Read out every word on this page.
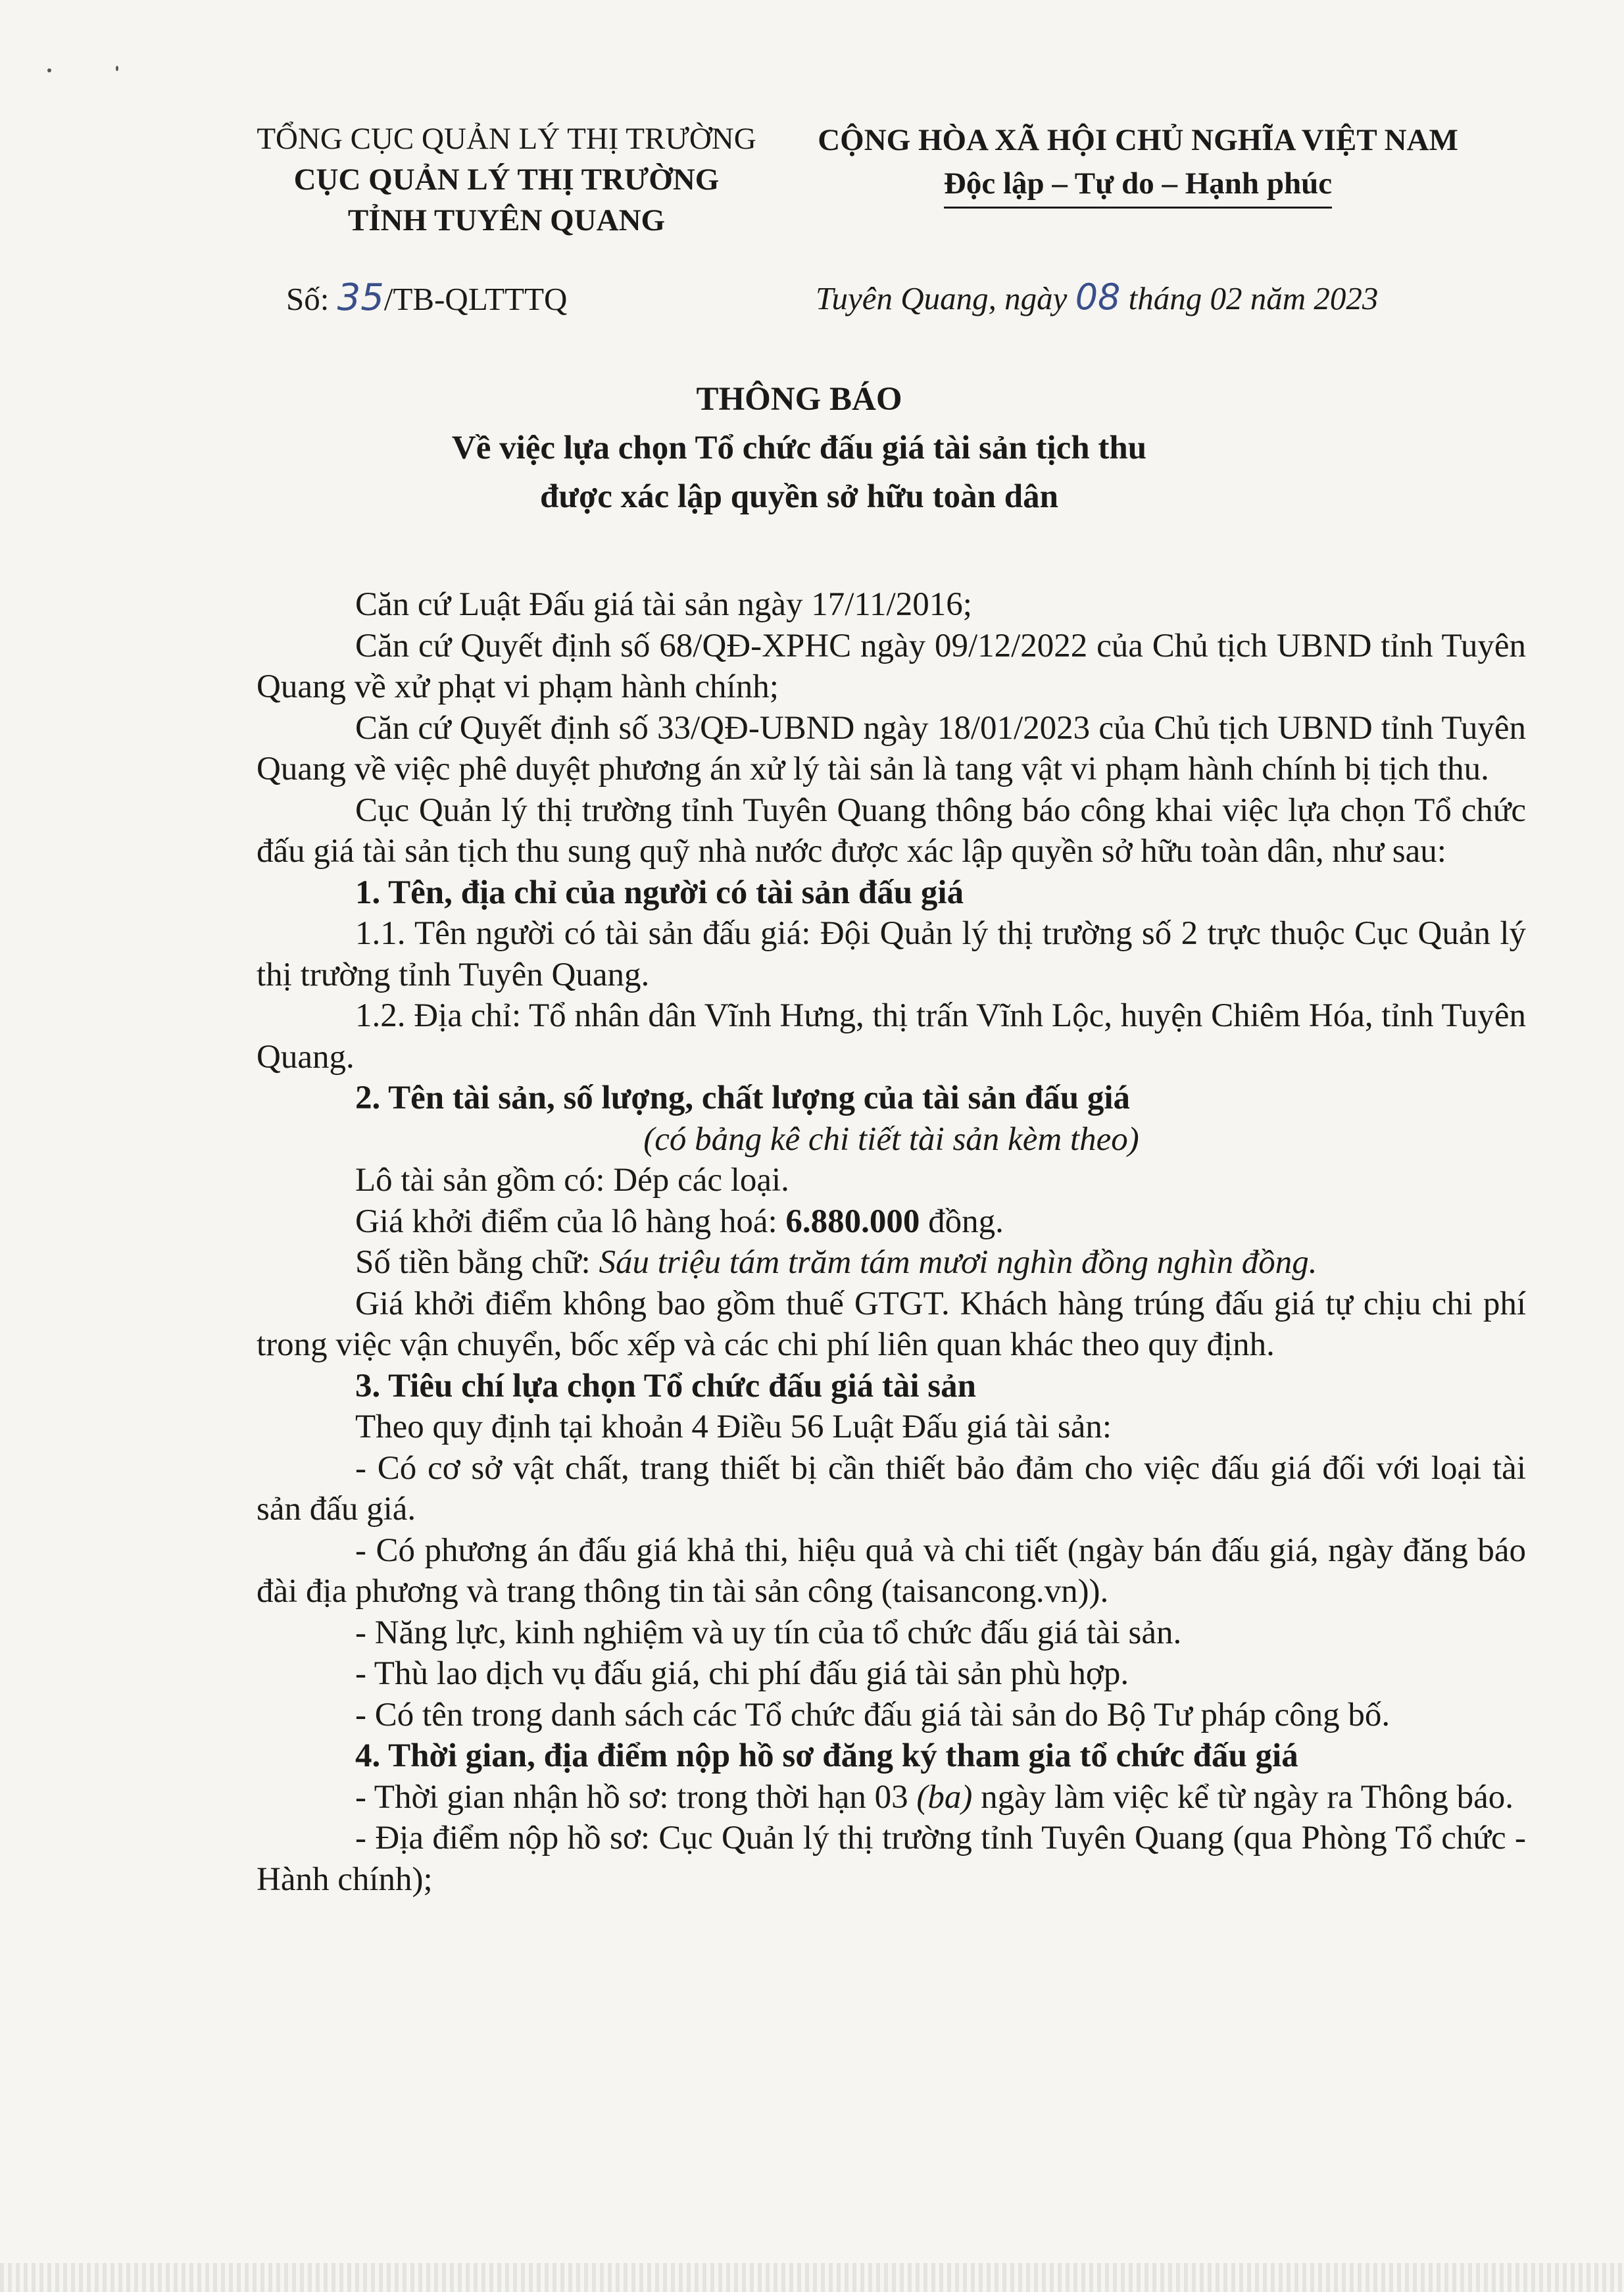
TỔNG CỤC QUẢN LÝ THỊ TRƯỜNG
CỤC QUẢN LÝ THỊ TRƯỜNG
TỈNH TUYÊN QUANG
CỘNG HÒA XÃ HỘI CHỦ NGHĨA VIỆT NAM
Độc lập – Tự do – Hạnh phúc
Số: 35/TB-QLTTTQ	Tuyên Quang, ngày 08 tháng 02 năm 2023
THÔNG BÁO
Về việc lựa chọn Tổ chức đấu giá tài sản tịch thu
được xác lập quyền sở hữu toàn dân

Căn cứ Luật Đấu giá tài sản ngày 17/11/2016;

Căn cứ Quyết định số 68/QĐ-XPHC ngày 09/12/2022 của Chủ tịch UBND tỉnh Tuyên Quang về xử phạt vi phạm hành chính;

Căn cứ Quyết định số 33/QĐ-UBND ngày 18/01/2023 của Chủ tịch UBND tỉnh Tuyên Quang về việc phê duyệt phương án xử lý tài sản là tang vật vi phạm hành chính bị tịch thu.

Cục Quản lý thị trường tỉnh Tuyên Quang thông báo công khai việc lựa chọn Tổ chức đấu giá tài sản tịch thu sung quỹ nhà nước được xác lập quyền sở hữu toàn dân, như sau:

1. Tên, địa chỉ của người có tài sản đấu giá

1.1. Tên người có tài sản đấu giá: Đội Quản lý thị trường số 2 trực thuộc Cục Quản lý thị trường tỉnh Tuyên Quang.

1.2. Địa chỉ: Tổ nhân dân Vĩnh Hưng, thị trấn Vĩnh Lộc, huyện Chiêm Hóa, tỉnh Tuyên Quang.

2. Tên tài sản, số lượng, chất lượng của tài sản đấu giá

(có bảng kê chi tiết tài sản kèm theo)

Lô tài sản gồm có: Dép các loại.

Giá khởi điểm của lô hàng hoá: 6.880.000 đồng.

Số tiền bằng chữ: Sáu triệu tám trăm tám mươi nghìn đồng nghìn đồng.

Giá khởi điểm không bao gồm thuế GTGT. Khách hàng trúng đấu giá tự chịu chi phí trong việc vận chuyển, bốc xếp và các chi phí liên quan khác theo quy định.

3. Tiêu chí lựa chọn Tổ chức đấu giá tài sản

Theo quy định tại khoản 4 Điều 56 Luật Đấu giá tài sản:

- Có cơ sở vật chất, trang thiết bị cần thiết bảo đảm cho việc đấu giá đối với loại tài sản đấu giá.

- Có phương án đấu giá khả thi, hiệu quả và chi tiết (ngày bán đấu giá, ngày đăng báo đài địa phương và trang thông tin tài sản công (taisancong.vn)).

- Năng lực, kinh nghiệm và uy tín của tổ chức đấu giá tài sản.

- Thù lao dịch vụ đấu giá, chi phí đấu giá tài sản phù hợp.

- Có tên trong danh sách các Tổ chức đấu giá tài sản do Bộ Tư pháp công bố.

4. Thời gian, địa điểm nộp hồ sơ đăng ký tham gia tổ chức đấu giá

- Thời gian nhận hồ sơ: trong thời hạn 03 (ba) ngày làm việc kể từ ngày ra Thông báo.

- Địa điểm nộp hồ sơ: Cục Quản lý thị trường tỉnh Tuyên Quang (qua Phòng Tổ chức - Hành chính);
